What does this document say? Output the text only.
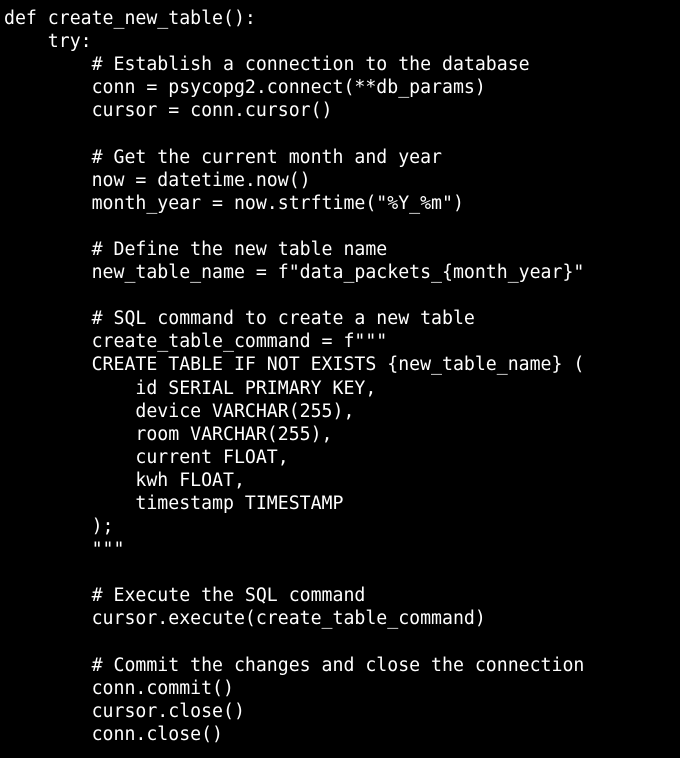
def create_new_table():
try:
# Establish a connection to the database
conn = psycopg2.connect(**db_params)
cursor = conn.cursor()
# Get the current month and year
now = datetime.now()
month_year = now.strftime("%Y_%m")
# Define the new table name
new_table_name = f"data_packets_{month_year}"
# SQL command to create a new table
create_table_command = f"""
CREATE TABLE IF NOT EXISTS {new_table_name} (
id SERIAL PRIMARY KEY,
device VARCHAR(255),
room VARCHAR(255),
current FLOAT,
kwh FLOAT,
timestamp TIMESTAMP
);
"""
# Execute the SQL command
cursor.execute(create_table_command)
# Commit the changes and close the connection
conn.commit()
cursor.close()
conn.close()
